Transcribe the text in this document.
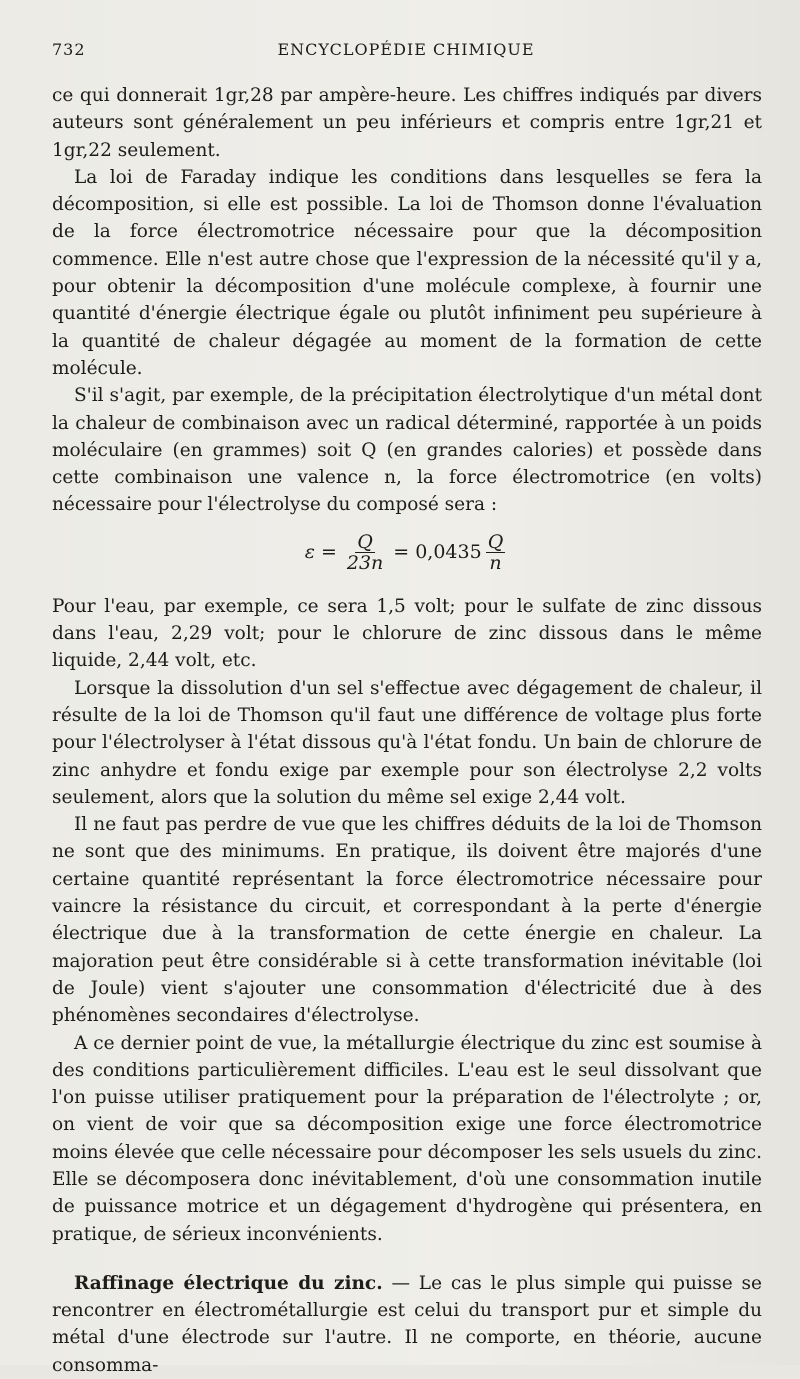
732	ENCYCLOPÉDIE CHIMIQUE

ce qui donnerait 1gr,28 par ampère-heure. Les chiffres indiqués par divers auteurs sont généralement un peu inférieurs et compris entre 1gr,21 et 1gr,22 seulement.

La loi de Faraday indique les conditions dans lesquelles se fera la décomposition, si elle est possible. La loi de Thomson donne l'évaluation de la force électromotrice nécessaire pour que la décomposition commence. Elle n'est autre chose que l'expression de la nécessité qu'il y a, pour obtenir la décomposition d'une molécule complexe, à fournir une quantité d'énergie électrique égale ou plutôt infiniment peu supérieure à la quantité de chaleur dégagée au moment de la formation de cette molécule.

S'il s'agit, par exemple, de la précipitation électrolytique d'un métal dont la chaleur de combinaison avec un radical déterminé, rapportée à un poids moléculaire (en grammes) soit Q (en grandes calories) et possède dans cette combinaison une valence n, la force électromotrice (en volts) nécessaire pour l'électrolyse du composé sera :

$\varepsilon = \frac{Q}{23n} = 0,0435 \frac{Q}{n}$

Pour l'eau, par exemple, ce sera 1,5 volt; pour le sulfate de zinc dissous dans l'eau, 2,29 volt; pour le chlorure de zinc dissous dans le même liquide, 2,44 volt, etc.

Lorsque la dissolution d'un sel s'effectue avec dégagement de chaleur, il résulte de la loi de Thomson qu'il faut une différence de voltage plus forte pour l'électrolyser à l'état dissous qu'à l'état fondu. Un bain de chlorure de zinc anhydre et fondu exige par exemple pour son électrolyse 2,2 volts seulement, alors que la solution du même sel exige 2,44 volt.

Il ne faut pas perdre de vue que les chiffres déduits de la loi de Thomson ne sont que des minimums. En pratique, ils doivent être majorés d'une certaine quantité représentant la force électromotrice nécessaire pour vaincre la résistance du circuit, et correspondant à la perte d'énergie électrique due à la transformation de cette énergie en chaleur. La majoration peut être considérable si à cette transformation inévitable (loi de Joule) vient s'ajouter une consommation d'électricité due à des phénomènes secondaires d'électrolyse.

A ce dernier point de vue, la métallurgie électrique du zinc est soumise à des conditions particulièrement difficiles. L'eau est le seul dissolvant que l'on puisse utiliser pratiquement pour la préparation de l'électrolyte ; or, on vient de voir que sa décomposition exige une force électromotrice moins élevée que celle nécessaire pour décomposer les sels usuels du zinc. Elle se décomposera donc inévitablement, d'où une consommation inutile de puissance motrice et un dégagement d'hydrogène qui présentera, en pratique, de sérieux inconvénients.

Raffinage électrique du zinc. — Le cas le plus simple qui puisse se rencontrer en électrométallurgie est celui du transport pur et simple du métal d'une électrode sur l'autre. Il ne comporte, en théorie, aucune consomma-
